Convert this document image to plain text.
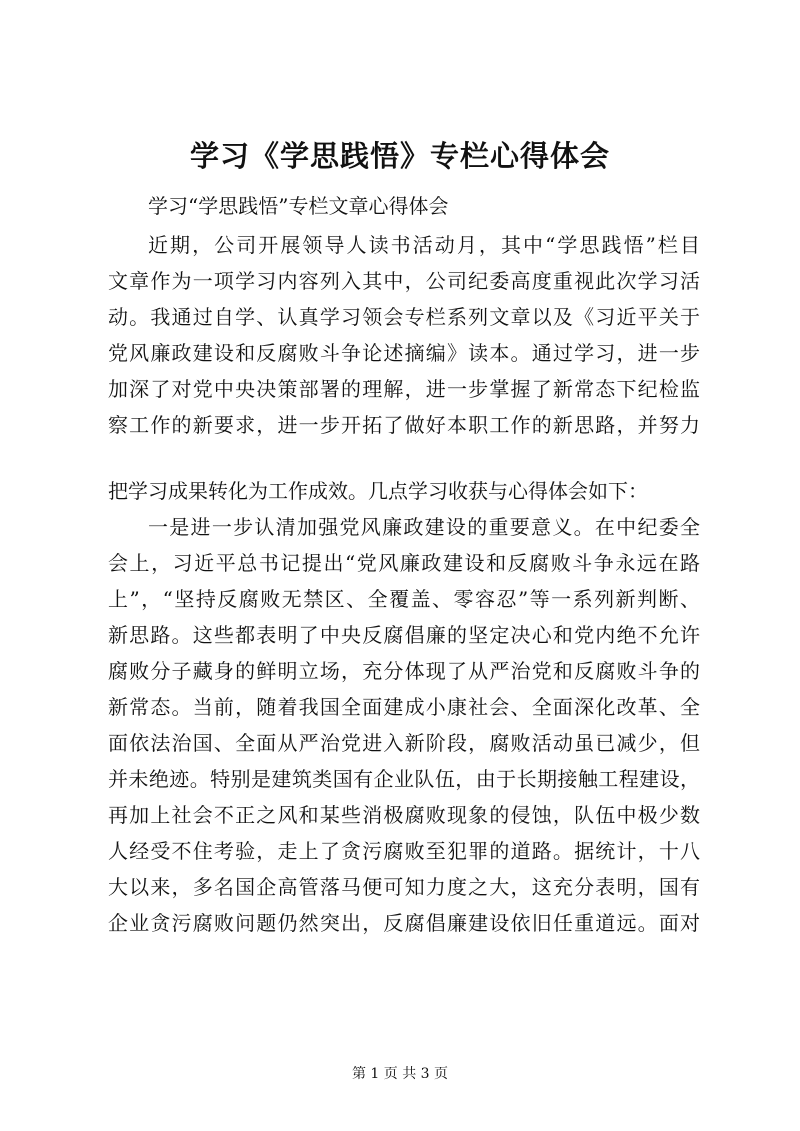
学习《学思践悟》专栏心得体会
学习“学思践悟”专栏文章心得体会
近期，公司开展领导人读书活动月，其中“学思践悟”栏目
文章作为一项学习内容列入其中，公司纪委高度重视此次学习活
动。我通过自学、认真学习领会专栏系列文章以及《习近平关于
党风廉政建设和反腐败斗争论述摘编》读本。通过学习，进一步
加深了对党中央决策部署的理解，进一步掌握了新常态下纪检监
察工作的新要求，进一步开拓了做好本职工作的新思路，并努力
把学习成果转化为工作成效。几点学习收获与心得体会如下：
一是进一步认清加强党风廉政建设的重要意义。在中纪委全
会上，习近平总书记提出“党风廉政建设和反腐败斗争永远在路
上”，“坚持反腐败无禁区、全覆盖、零容忍”等一系列新判断、
新思路。这些都表明了中央反腐倡廉的坚定决心和党内绝不允许
腐败分子藏身的鲜明立场，充分体现了从严治党和反腐败斗争的
新常态。当前，随着我国全面建成小康社会、全面深化改革、全
面依法治国、全面从严治党进入新阶段，腐败活动虽已减少，但
并未绝迹。特别是建筑类国有企业队伍，由于长期接触工程建设，
再加上社会不正之风和某些消极腐败现象的侵蚀，队伍中极少数
人经受不住考验，走上了贪污腐败至犯罪的道路。据统计，十八
大以来，多名国企高管落马便可知力度之大，这充分表明，国有
企业贪污腐败问题仍然突出，反腐倡廉建设依旧任重道远。面对
第 1 页 共 3 页
